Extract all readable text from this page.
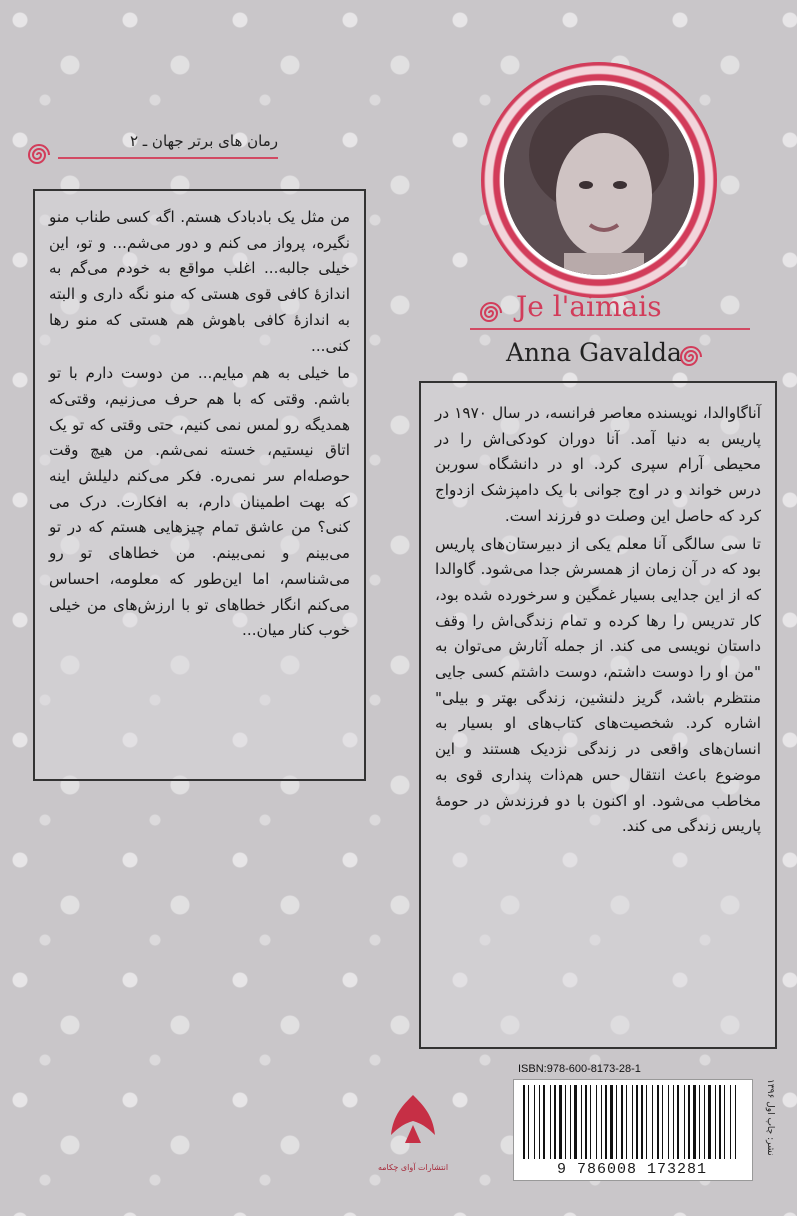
رمان های برتر جهان ـ ۲
Je l'aimais
Anna Gavalda

من مثل یک بادبادک هستم. اگه کسی طناب منو نگیره، پرواز می کنم و دور می‌شم... و تو، این خیلی جالبه... اغلب مواقع به خودم می‌گم به اندازهٔ کافی قوی هستی که منو نگه داری و البته به اندازهٔ کافی باهوش هم هستی که منو رها کنی...

ما خیلی به هم میایم... من دوست دارم با تو باشم. وقتی که با هم حرف می‌زنیم، وقتی‌که همدیگه رو لمس نمی کنیم، حتی وقتی که تو یک اتاق نیستیم، خسته نمی‌شم. من هیچ وقت حوصله‌ام سر نمی‌ره. فکر می‌کنم دلیلش اینه که بهت اطمینان دارم، به افکارت. درک می کنی؟ من عاشق تمام چیزهایی هستم که در تو می‌بینم و نمی‌بینم. من خطاهای تو رو می‌شناسم، اما این‌طور که معلومه، احساس می‌کنم انگار خطاهای تو با ارزش‌های من خیلی خوب کنار میان...

آناگاوالدا، نویسنده معاصر فرانسه، در سال ۱۹۷۰ در پاریس به دنیا آمد. آنا دوران کودکی‌اش را در محیطی آرام سپری کرد. او در دانشگاه سوربن درس خواند و در اوج جوانی با یک دامپزشک ازدواج کرد که حاصل این وصلت دو فرزند است.

تا سی سالگی آنا معلم یکی از دبیرستان‌های پاریس بود که در آن زمان از همسرش جدا می‌شود. گاوالدا که از این جدایی بسیار غمگین و سرخورده شده بود، کار تدریس را رها کرده و تمام زندگی‌اش را وقف داستان نویسی می کند. از جمله آثارش می‌توان به "من او را دوست داشتم، دوست داشتم کسی جایی منتظرم باشد، گریز دلنشین، زندگی بهتر و بیلی" اشاره کرد. شخصیت‌های کتاب‌های او بسیار به انسان‌های واقعی در زندگی نزدیک هستند و این موضوع باعث انتقال حس هم‌ذات پنداری قوی به مخاطب می‌شود. او اکنون با دو فرزندش در حومهٔ پاریس زندگی می کند.

انتشارات آوای چکامه
ISBN:978-600-8173-28-1
9 786008 173281
نشر: چاپ اول ۱۳۹۶
